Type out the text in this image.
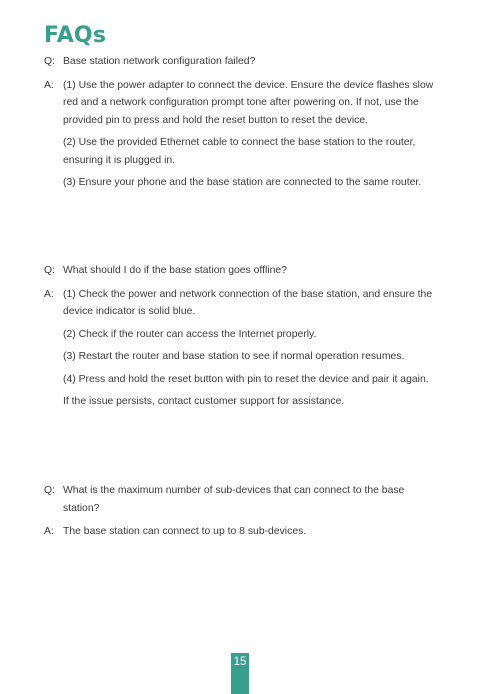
FAQs
Q: Base station network configuration failed?
A: (1) Use the power adapter to connect the device. Ensure the device flashes slow red and a network configuration prompt tone after powering on. If not, use the provided pin to press and hold the reset button to reset the device.
(2) Use the provided Ethernet cable to connect the base station to the router, ensuring it is plugged in.
(3) Ensure your phone and the base station are connected to the same router.
Q: What should I do if the base station goes offline?
A: (1) Check the power and network connection of the base station, and ensure the device indicator is solid blue.
(2) Check if the router can access the Internet properly.
(3) Restart the router and base station to see if normal operation resumes.
(4) Press and hold the reset button with pin to reset the device and pair it again.
If the issue persists, contact customer support for assistance.
Q: What is the maximum number of sub-devices that can connect to the base station?
A: The base station can connect to up to 8 sub-devices.
15
